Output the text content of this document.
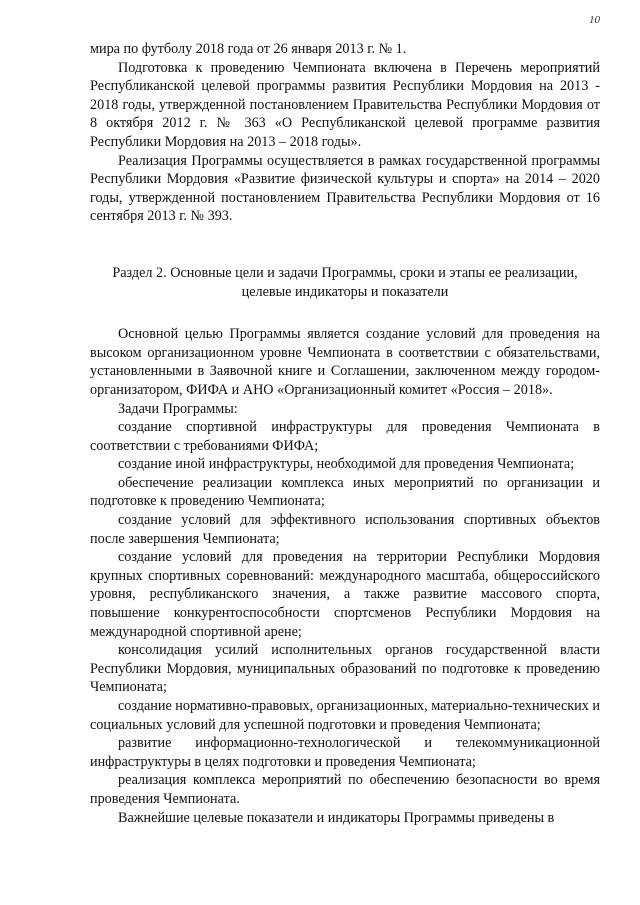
10

мира по футболу 2018 года от 26 января 2013 г. № 1.

Подготовка к проведению Чемпионата включена в Перечень мероприятий Республиканской целевой программы развития Республики Мордовия на 2013 - 2018 годы, утвержденной постановлением Правительства Республики Мордовия от 8 октября 2012 г. № 363 «О Республиканской целевой программе развития Республики Мордовия на 2013 – 2018 годы».

Реализация Программы осуществляется в рамках государственной программы Республики Мордовия «Развитие физической культуры и спорта» на 2014 – 2020 годы, утвержденной постановлением Правительства Республики Мордовия от 16 сентября 2013 г. № 393.

Раздел 2. Основные цели и задачи Программы, сроки и этапы ее реализации, целевые индикаторы и показатели

Основной целью Программы является создание условий для проведения на высоком организационном уровне Чемпионата в соответствии с обязательствами, установленными в Заявочной книге и Соглашении, заключенном между городом-организатором, ФИФА и АНО «Организационный комитет «Россия – 2018».

Задачи Программы:

создание спортивной инфраструктуры для проведения Чемпионата в соответствии с требованиями ФИФА;

создание иной инфраструктуры, необходимой для проведения Чемпионата;

обеспечение реализации комплекса иных мероприятий по организации и подготовке к проведению Чемпионата;

создание условий для эффективного использования спортивных объектов после завершения Чемпионата;

создание условий для проведения на территории Республики Мордовия крупных спортивных соревнований: международного масштаба, общероссийского уровня, республиканского значения, а также развитие массового спорта, повышение конкурентоспособности спортсменов Республики Мордовия на международной спортивной арене;

консолидация усилий исполнительных органов государственной власти Республики Мордовия, муниципальных образований по подготовке к проведению Чемпионата;

создание нормативно-правовых, организационных, материально-технических и социальных условий для успешной подготовки и проведения Чемпионата;

развитие информационно-технологической и телекоммуникационной инфраструктуры в целях подготовки и проведения Чемпионата;

реализация комплекса мероприятий по обеспечению безопасности во время проведения Чемпионата.

Важнейшие целевые показатели и индикаторы Программы приведены в
